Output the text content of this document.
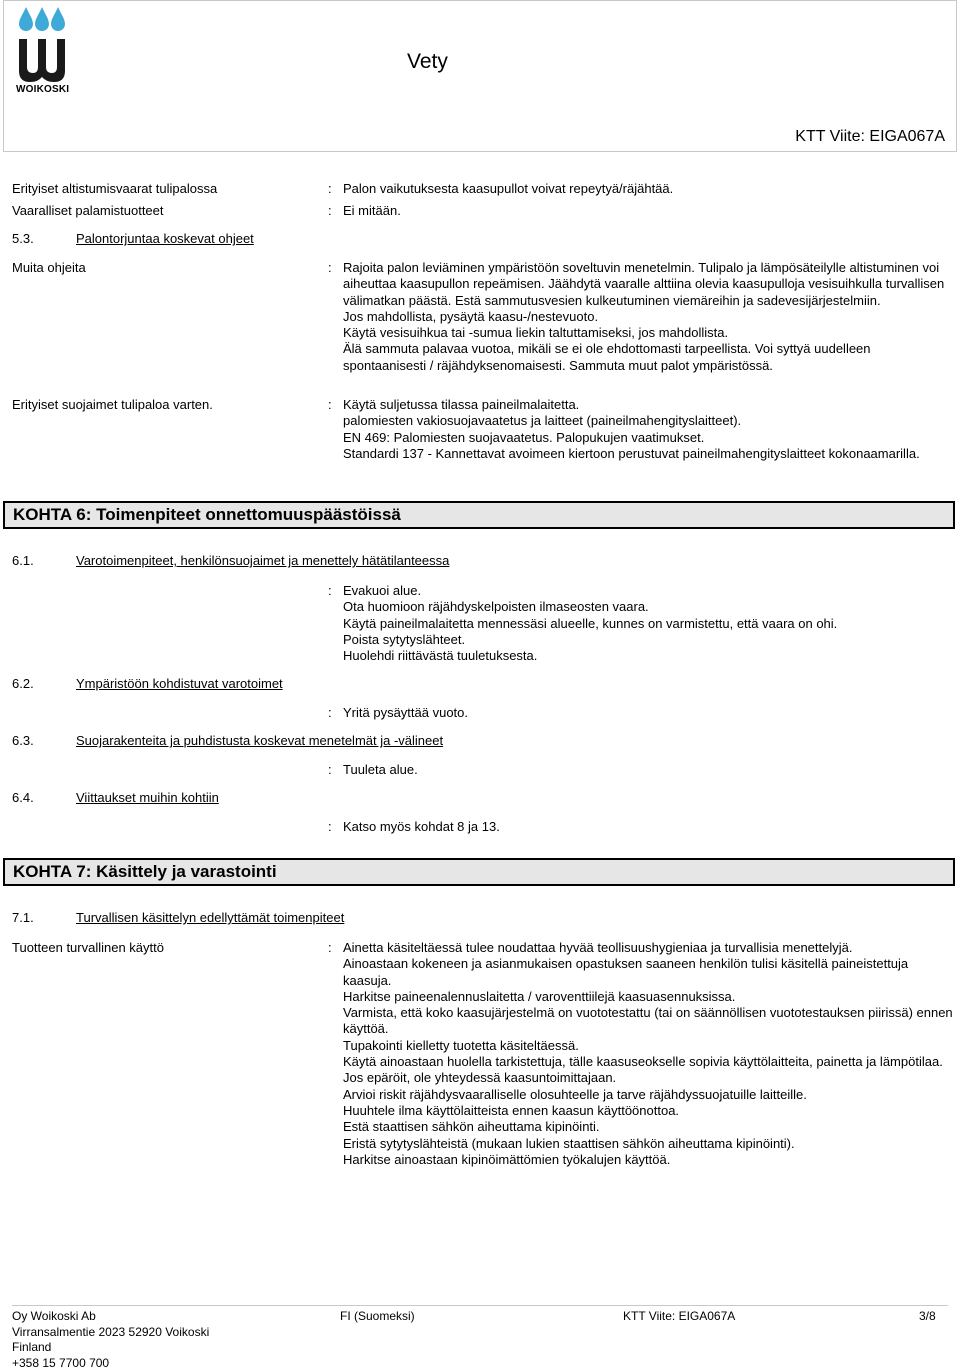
WOIKOSKI
Vety
KTT Viite: EIGA067A
Erityiset altistumisvaarat tulipalossa	: Palon vaikutuksesta kaasupullot voivat repeytyä/räjähtää.
Vaaralliset palamistuotteet	: Ei mitään.
5.3.	Palontorjuntaa koskevat ohjeet
Muita ohjeita	: Rajoita palon leviäminen ympäristöön soveltuvin menetelmin. Tulipalo ja lämpösäteilylle altistuminen voi aiheuttaa kaasupullon repeämisen. Jäähdytä vaaralle alttiina olevia kaasupulloja vesisuihkulla turvallisen välimatkan päästä. Estä sammutusvesien kulkeutuminen viemäreihin ja sadevesijärjestelmiin.
Jos mahdollista, pysäytä kaasu-/nestevuoto.
Käytä vesisuihkua tai -sumua liekin taltuttamiseksi, jos mahdollista.
Älä sammuta palavaa vuotoa, mikäli se ei ole ehdottomasti tarpeellista. Voi syttyä uudelleen spontaanisesti / räjähdyksenomaisesti. Sammuta muut palot ympäristössä.
Erityiset suojaimet tulipaloa varten.	: Käytä suljetussa tilassa paineilmalaitetta.
palomiesten vakiosuojavaatetus ja laitteet (paineilmahengityslaitteet).
EN 469: Palomiesten suojavaatetus. Palopukujen vaatimukset.
Standardi 137 - Kannettavat avoimeen kiertoon perustuvat paineilmahengityslaitteet kokonaamarilla.
KOHTA 6: Toimenpiteet onnettomuuspäästöissä
6.1.	Varotoimenpiteet, henkilönsuojaimet ja menettely hätätilanteessa
: Evakuoi alue.
Ota huomioon räjähdyskelpoisten ilmaseosten vaara.
Käytä paineilmalaitetta mennessäsi alueelle, kunnes on varmistettu, että vaara on ohi.
Poista sytytyslähteet.
Huolehdi riittävästä tuuletuksesta.
6.2.	Ympäristöön kohdistuvat varotoimet
: Yritä pysäyttää vuoto.
6.3.	Suojarakenteita ja puhdistusta koskevat menetelmät ja -välineet
: Tuuleta alue.
6.4.	Viittaukset muihin kohtiin
: Katso myös kohdat 8 ja 13.
KOHTA 7: Käsittely ja varastointi
7.1.	Turvallisen käsittelyn edellyttämät toimenpiteet
Tuotteen turvallinen käyttö	: Ainetta käsiteltäessä tulee noudattaa hyvää teollisuushygieniaa ja turvallisia menettelyjä.
Ainoastaan kokeneen ja asianmukaisen opastuksen saaneen henkilön tulisi käsitellä paineistettuja kaasuja.
Harkitse paineenalennuslaitetta / varoventtiilejä kaasuasennuksissa.
Varmista, että koko kaasujärjestelmä on vuototestattu (tai on säännöllisen vuototestauksen piirissä) ennen käyttöä.
Tupakointi kielletty tuotetta käsiteltäessä.
Käytä ainoastaan huolella tarkistettuja, tälle kaasuseokselle sopivia käyttölaitteita, painetta ja lämpötilaa. Jos epäröit, ole yhteydessä kaasuntoimittajaan.
Arvioi riskit räjähdysvaaralliselle olosuhteelle ja tarve räjähdyssuojatuille laitteille.
Huuhtele ilma käyttölaitteista ennen kaasun käyttöönottoa.
Estä staattisen sähkön aiheuttama kipinöinti.
Eristä sytytyslähteistä (mukaan lukien staattisen sähkön aiheuttama kipinöinti).
Harkitse ainoastaan kipinöimättömien työkalujen käyttöä.
Oy Woikoski Ab
Virransalmentie 2023 52920 Voikoski
Finland
+358 15 7700 700
FI (Suomeksi)	KTT Viite: EIGA067A	3/8
